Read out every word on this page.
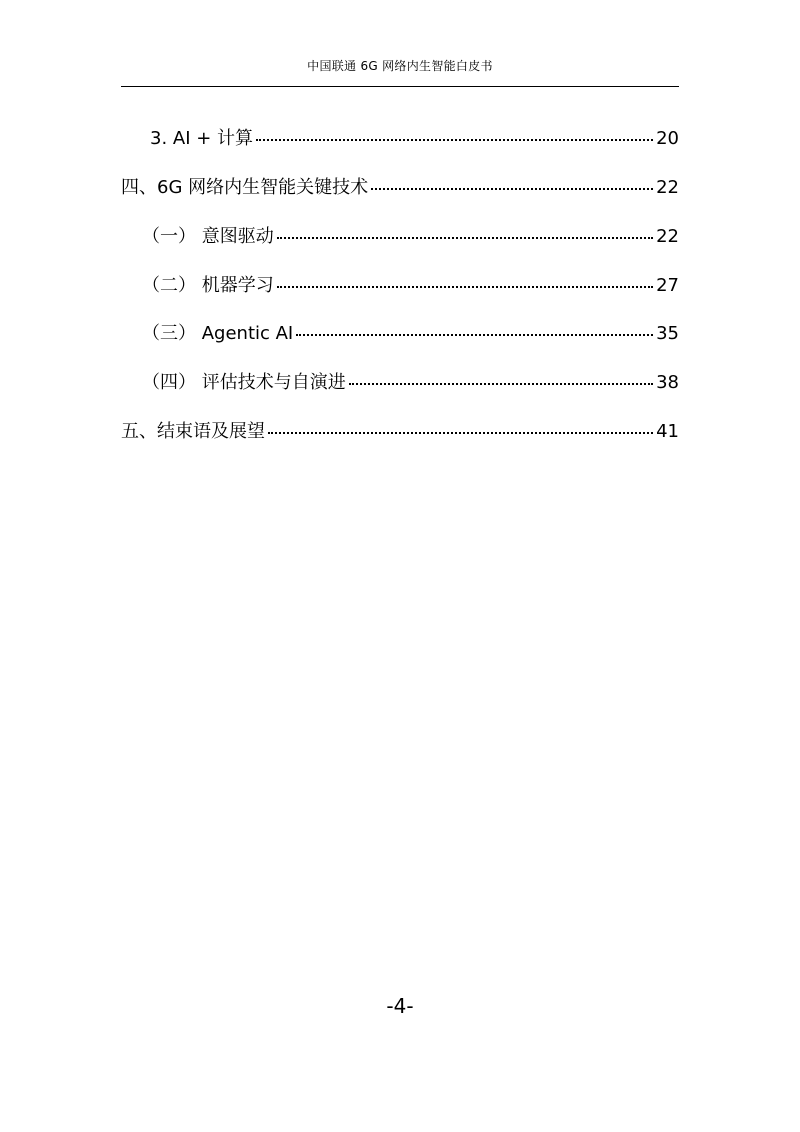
中国联通 6G 网络内生智能白皮书
3. AI + 计算	20
四、6G 网络内生智能关键技术	22
（一） 意图驱动	22
（二） 机器学习	27
（三） Agentic AI	35
（四） 评估技术与自演进	38
五、结束语及展望	41
-4-
